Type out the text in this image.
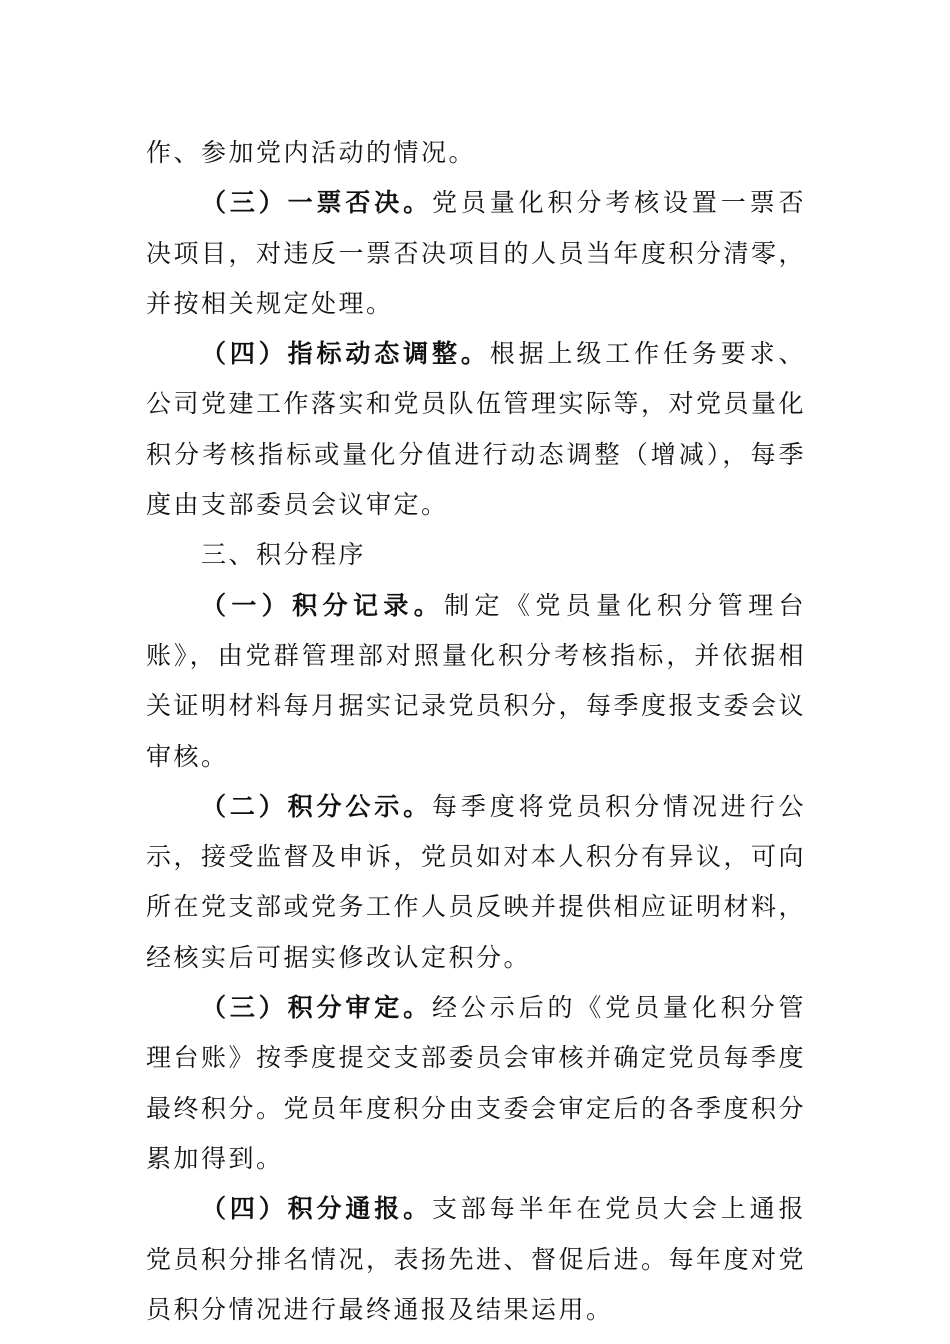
作、参加党内活动的情况。

（三）一票否决。党员量化积分考核设置一票否决项目，对违反一票否决项目的人员当年度积分清零，并按相关规定处理。

（四）指标动态调整。根据上级工作任务要求、公司党建工作落实和党员队伍管理实际等，对党员量化积分考核指标或量化分值进行动态调整（增减），每季度由支部委员会议审定。

三、积分程序

（一）积分记录。制定《党员量化积分管理台账》，由党群管理部对照量化积分考核指标，并依据相关证明材料每月据实记录党员积分，每季度报支委会议审核。

（二）积分公示。每季度将党员积分情况进行公示，接受监督及申诉，党员如对本人积分有异议，可向所在党支部或党务工作人员反映并提供相应证明材料，经核实后可据实修改认定积分。

（三）积分审定。经公示后的《党员量化积分管理台账》按季度提交支部委员会审核并确定党员每季度最终积分。党员年度积分由支委会审定后的各季度积分累加得到。

（四）积分通报。支部每半年在党员大会上通报党员积分排名情况，表扬先进、督促后进。每年度对党员积分情况进行最终通报及结果运用。
